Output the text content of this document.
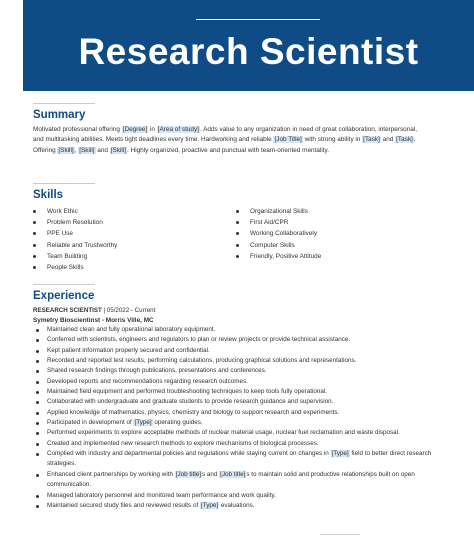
Research Scientist
Summary

Motivated professional offering [Degree] in [Area of study]. Adds value to any organization in need of great collaboration, interpersonal, and multitasking abilities. Meets tight deadlines every time. Hardworking and reliable [Job Title] with strong ability in [Task] and [Task]. Offering [Skill], [Skill] and [Skill]. Highly organized, proactive and punctual with team-oriented mentality.

Skills
Work Ethic
Problem Resolution
PPE Use
Reliable and Trustworthy
Team Building
People Skills
Organizational Skills
First Aid/CPR
Working Collaboratively
Computer Skills
Friendly, Positive Attitude
Experience
RESEARCH SCIENTIST | 05/2022 - Current
Symetry Bioscientinst - Morris Ville, MC
Maintained clean and fully operational laboratory equipment.
Conferred with scientists, engineers and regulators to plan or review projects or provide technical assistance.
Kept patient information properly secured and confidential.
Recorded and reported test results, performing calculations, producing graphical solutions and representations.
Shared research findings through publications, presentations and conferences.
Developed reports and recommendations regarding research outcomes.
Maintained field equipment and performed troubleshooting techniques to keep tools fully operational.
Collaborated with undergraduate and graduate students to provide research guidance and supervision.
Applied knowledge of mathematics, physics, chemistry and biology to support research and experiments.
Participated in development of [Type] operating guides.
Performed experiments to explore acceptable methods of nuclear material usage, nuclear fuel reclamation and waste disposal.
Created and implemented new research methods to explore mechanisms of biological processes.
Complied with industry and departmental policies and regulations while staying current on changes in [Type] field to better direct research strategies.
Enhanced client partnerships by working with [Job title]s and [Job title]s to maintain solid and productive relationships built on open communication.
Managed laboratory personnel and monitored team performance and work quality.
Maintained secured study files and reviewed results of [Type] evaluations.
